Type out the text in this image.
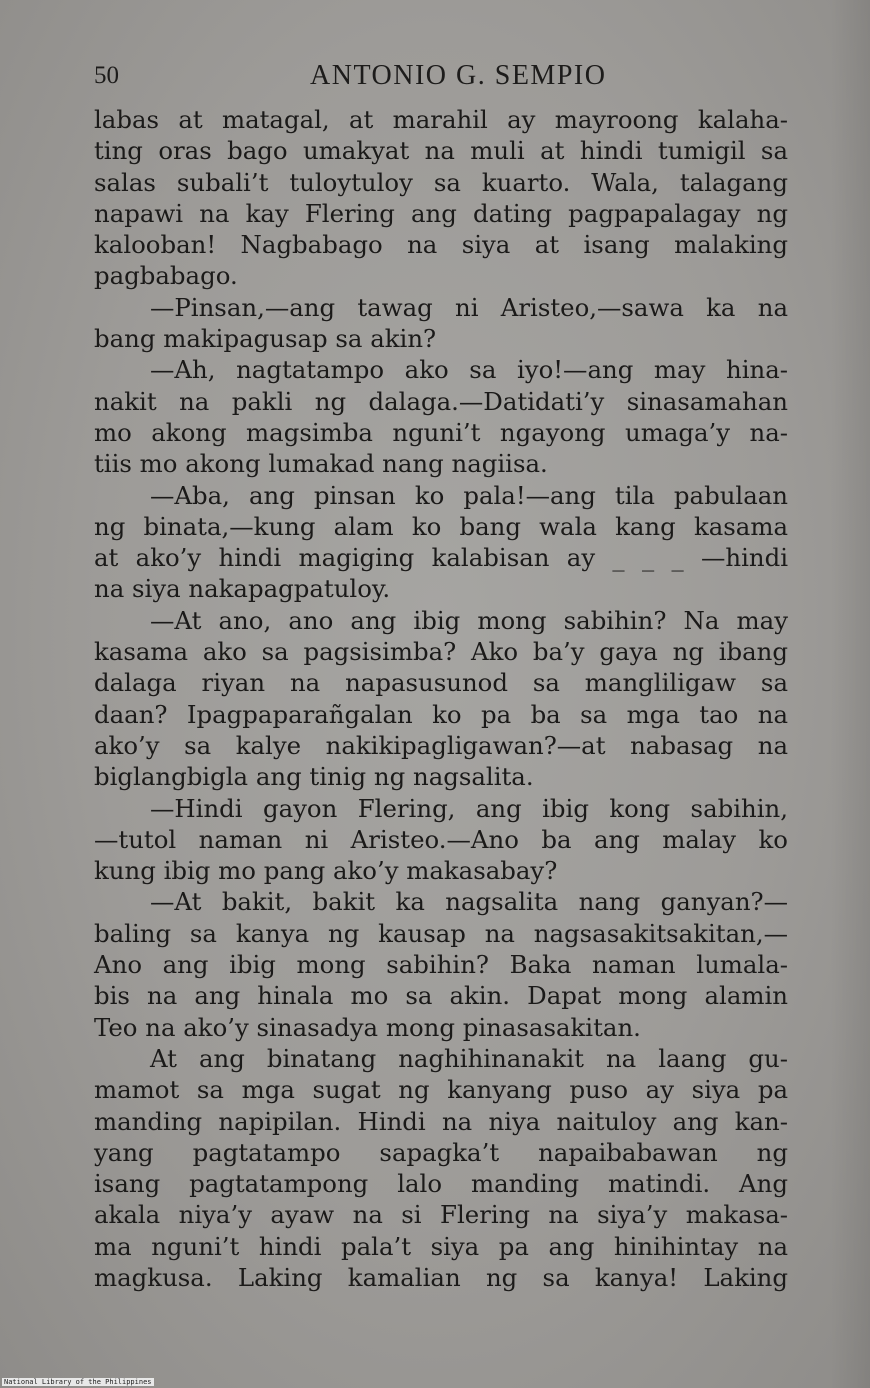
50	ANTONIO G. SEMPIO
labas at matagal, at marahil ay mayroong kalaha-
ting oras bago umakyat na muli at hindi tumigil sa
salas subali’t tuloytuloy sa kuarto. Wala, talagang
napawi na kay Flering ang dating pagpapalagay ng
kalooban! Nagbabago na siya at isang malaking
pagbabago.
—Pinsan,—ang tawag ni Aristeo,—sawa ka na
bang makipagusap sa akin?
—Ah, nagtatampo ako sa iyo!—ang may hina-
nakit na pakli ng dalaga.—Datidati’y sinasamahan
mo akong magsimba nguni’t ngayong umaga’y na-
tiis mo akong lumakad nang nagiisa.
—Aba, ang pinsan ko pala!—ang tila pabulaan
ng binata,—kung alam ko bang wala kang kasama
at ako’y hindi magiging kalabisan ay _ _ _ —hindi
na siya nakapagpatuloy.
—At ano, ano ang ibig mong sabihin? Na may
kasama ako sa pagsisimba? Ako ba’y gaya ng ibang
dalaga riyan na napasusunod sa mangliligaw sa
daan? Ipagpaparañgalan ko pa ba sa mga tao na
ako’y sa kalye nakikipagligawan?—at nabasag na
biglangbigla ang tinig ng nagsalita.
—Hindi gayon Flering, ang ibig kong sabihin,
—tutol naman ni Aristeo.—Ano ba ang malay ko
kung ibig mo pang ako’y makasabay?
—At bakit, bakit ka nagsalita nang ganyan?—
baling sa kanya ng kausap na nagsasakitsakitan,—
Ano ang ibig mong sabihin? Baka naman lumala-
bis na ang hinala mo sa akin. Dapat mong alamin
Teo na ako’y sinasadya mong pinasasakitan.
At ang binatang naghihinanakit na laang gu-
mamot sa mga sugat ng kanyang puso ay siya pa
manding napipilan. Hindi na niya naituloy ang kan-
yang pagtatampo sapagka’t napaibabawan ng
isang pagtatampong lalo manding matindi. Ang
akala niya’y ayaw na si Flering na siya’y makasa-
ma nguni’t hindi pala’t siya pa ang hinihintay na
magkusa. Laking kamalian ng sa kanya! Laking
National Library of the Philippines
